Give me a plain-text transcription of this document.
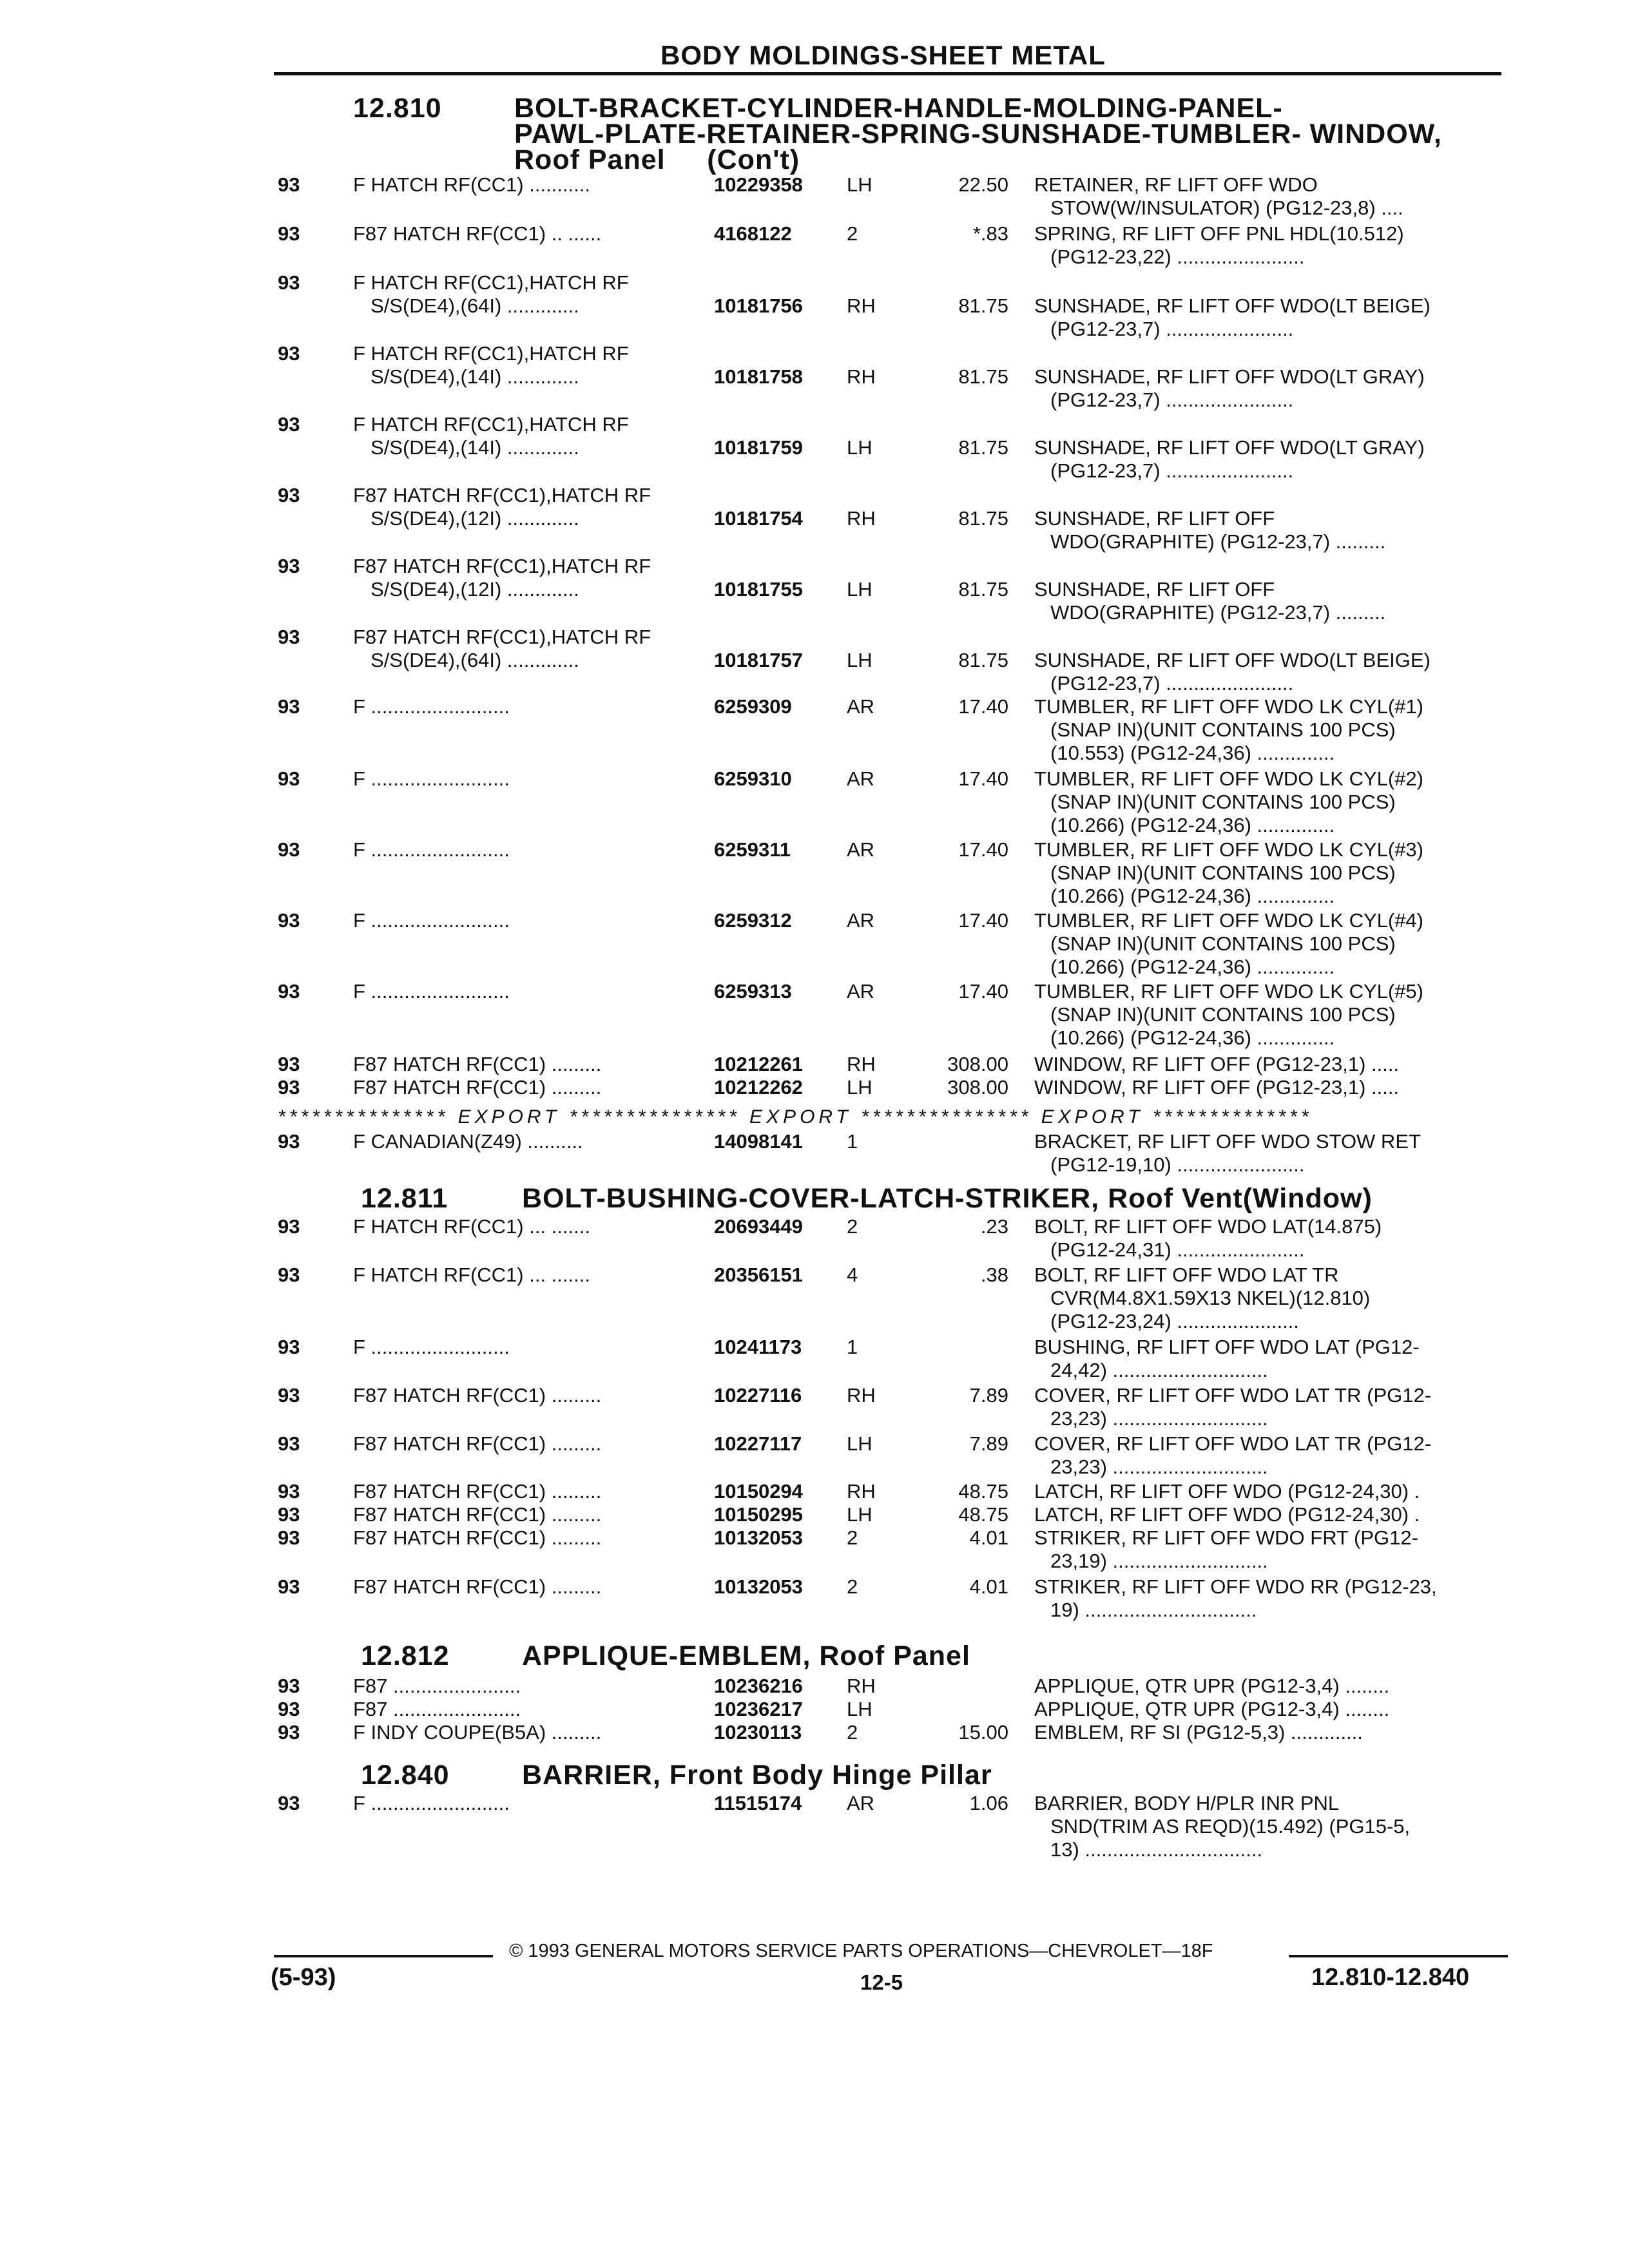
BODY MOLDINGS-SHEET METAL
12.810	BOLT-BRACKET-CYLINDER-HANDLE-MOLDING-PANEL-
PAWL-PLATE-RETAINER-SPRING-SUNSHADE-TUMBLER- WINDOW,
Roof Panel     (Con't)
93	F HATCH RF(CC1) ...........	10229358 LH	22.50 RETAINER, RF LIFT OFF WDO
STOW(W/INSULATOR) (PG12-23,8) ....
93	F87 HATCH RF(CC1) .. ......	4168122	2	*.83 SPRING, RF LIFT OFF PNL HDL(10.512)
(PG12-23,22) .......................
93	F HATCH RF(CC1),HATCH RF
S/S(DE4),(64I) .............	10181756 RH	81.75 SUNSHADE, RF LIFT OFF WDO(LT BEIGE)
(PG12-23,7) .......................
93	F HATCH RF(CC1),HATCH RF
S/S(DE4),(14I) .............	10181758 RH	81.75 SUNSHADE, RF LIFT OFF WDO(LT GRAY)
(PG12-23,7) .......................
93	F HATCH RF(CC1),HATCH RF
S/S(DE4),(14I) .............	10181759 LH	81.75 SUNSHADE, RF LIFT OFF WDO(LT GRAY)
(PG12-23,7) .......................
93	F87 HATCH RF(CC1),HATCH RF
S/S(DE4),(12I) .............	10181754 RH	81.75 SUNSHADE, RF LIFT OFF
WDO(GRAPHITE) (PG12-23,7) .........
93	F87 HATCH RF(CC1),HATCH RF
S/S(DE4),(12I) .............	10181755 LH	81.75 SUNSHADE, RF LIFT OFF
WDO(GRAPHITE) (PG12-23,7) .........
93	F87 HATCH RF(CC1),HATCH RF
S/S(DE4),(64I) .............	10181757 LH	81.75 SUNSHADE, RF LIFT OFF WDO(LT BEIGE)
(PG12-23,7) .......................
93	F .........................	6259309	AR	17.40 TUMBLER, RF LIFT OFF WDO LK CYL(#1)
(SNAP IN)(UNIT CONTAINS 100 PCS)
(10.553) (PG12-24,36) ..............
93	F .........................	6259310	AR	17.40 TUMBLER, RF LIFT OFF WDO LK CYL(#2)
(SNAP IN)(UNIT CONTAINS 100 PCS)
(10.266) (PG12-24,36) ..............
93	F .........................	6259311	AR	17.40 TUMBLER, RF LIFT OFF WDO LK CYL(#3)
(SNAP IN)(UNIT CONTAINS 100 PCS)
(10.266) (PG12-24,36) ..............
93	F .........................	6259312	AR	17.40 TUMBLER, RF LIFT OFF WDO LK CYL(#4)
(SNAP IN)(UNIT CONTAINS 100 PCS)
(10.266) (PG12-24,36) ..............
93	F .........................	6259313	AR	17.40 TUMBLER, RF LIFT OFF WDO LK CYL(#5)
(SNAP IN)(UNIT CONTAINS 100 PCS)
(10.266) (PG12-24,36) ..............
93	F87 HATCH RF(CC1) .........	10212261 RH	308.00 WINDOW, RF LIFT OFF (PG12-23,1) .....
93	F87 HATCH RF(CC1) .........	10212262 LH	308.00 WINDOW, RF LIFT OFF (PG12-23,1) .....
*************** EXPORT *************** EXPORT *************** EXPORT **************
93	F CANADIAN(Z49) ..........	14098141 1	BRACKET, RF LIFT OFF WDO STOW RET
(PG12-19,10) .......................
12.811	BOLT-BUSHING-COVER-LATCH-STRIKER, Roof Vent(Window)
93	F HATCH RF(CC1) ... .......	20693449 2	.23 BOLT, RF LIFT OFF WDO LAT(14.875)
(PG12-24,31) .......................
93	F HATCH RF(CC1) ... .......	20356151 4	.38 BOLT, RF LIFT OFF WDO LAT TR
CVR(M4.8X1.59X13 NKEL)(12.810)
(PG12-23,24) ......................
93	F .........................	10241173 1	BUSHING, RF LIFT OFF WDO LAT (PG12-
24,42) ............................
93	F87 HATCH RF(CC1) .........	10227116 RH	7.89 COVER, RF LIFT OFF WDO LAT TR (PG12-
23,23) ............................
93	F87 HATCH RF(CC1) .........	10227117 LH	7.89 COVER, RF LIFT OFF WDO LAT TR (PG12-
23,23) ............................
93	F87 HATCH RF(CC1) .........	10150294 RH	48.75 LATCH, RF LIFT OFF WDO (PG12-24,30) .
93	F87 HATCH RF(CC1) .........	10150295 LH	48.75 LATCH, RF LIFT OFF WDO (PG12-24,30) .
93	F87 HATCH RF(CC1) .........	10132053 2	4.01 STRIKER, RF LIFT OFF WDO FRT (PG12-
23,19) ............................
93	F87 HATCH RF(CC1) .........	10132053 2	4.01 STRIKER, RF LIFT OFF WDO RR (PG12-23,
19) ...............................
12.812	APPLIQUE-EMBLEM, Roof Panel
93	F87 .......................	10236216 RH	APPLIQUE, QTR UPR (PG12-3,4) ........
93	F87 .......................	10236217 LH	APPLIQUE, QTR UPR (PG12-3,4) ........
93	F INDY COUPE(B5A) .........	10230113 2	15.00 EMBLEM, RF SI (PG12-5,3) .............
12.840	BARRIER, Front Body Hinge Pillar
93	F .........................	11515174 AR	1.06 BARRIER, BODY H/PLR INR PNL
SND(TRIM AS REQD)(15.492) (PG15-5,
13) ................................
© 1993 GENERAL MOTORS SERVICE PARTS OPERATIONS—CHEVROLET—18F
(5-93)	12-5	12.810-12.840
